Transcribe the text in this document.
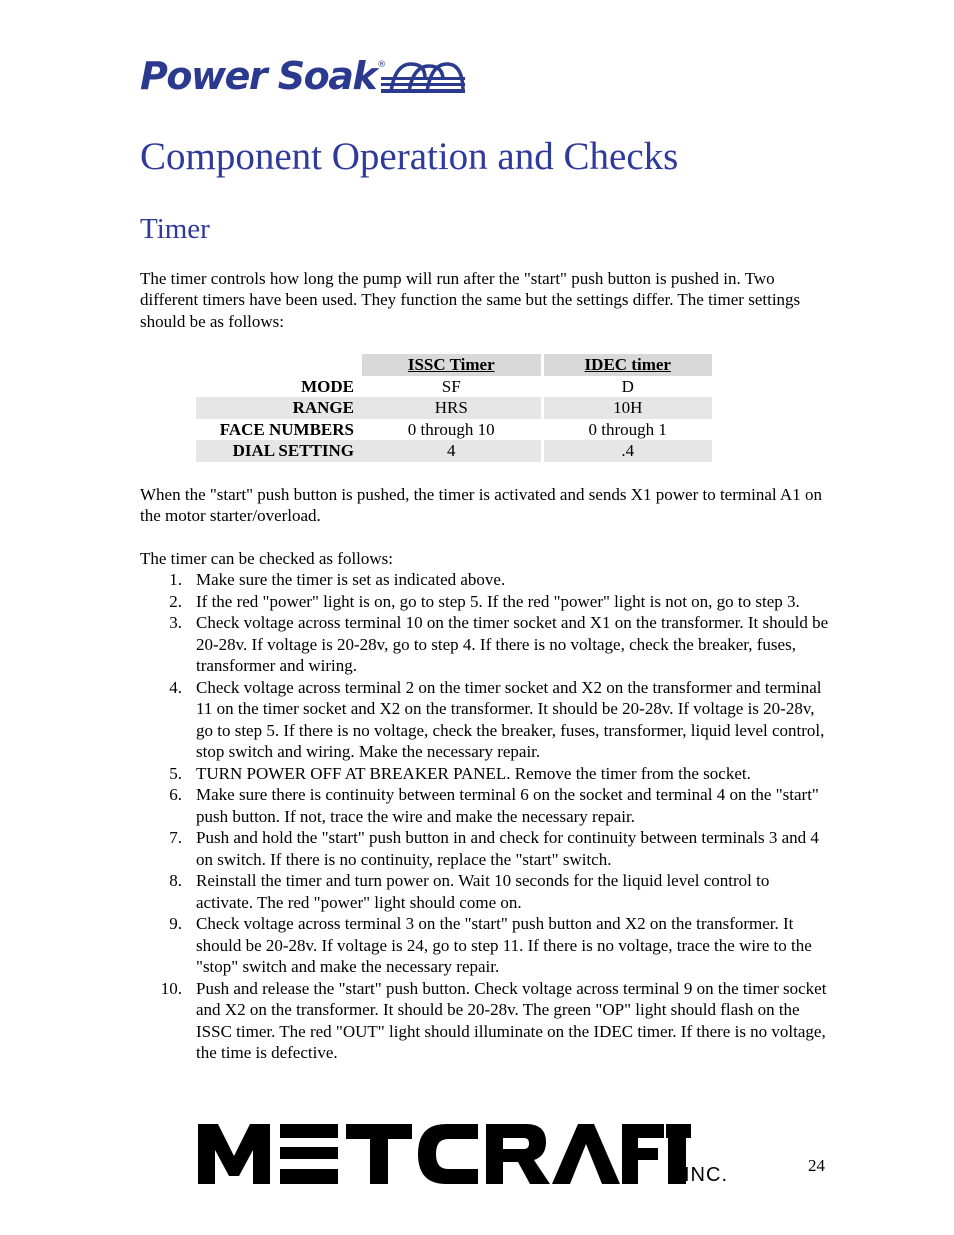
Power Soak ®
Component Operation and Checks
Timer

The timer controls how long the pump will run after the "start" push button is pushed in. Two different timers have been used. They function the same but the settings differ. The timer settings should be as follows:

	ISSC Timer	IDEC timer
MODE	SF	D
RANGE	HRS	10H
FACE NUMBERS	0 through 10	0 through 1
DIAL SETTING	4	.4

When the "start" push button is pushed, the timer is activated and sends X1 power to terminal A1 on the motor starter/overload.

The timer can be checked as follows:

1. Make sure the timer is set as indicated above.
2. If the red "power" light is on, go to step 5. If the red "power" light is not on, go to step 3.
3. Check voltage across terminal 10 on the timer socket and X1 on the transformer. It should be 20-28v. If voltage is 20-28v, go to step 4. If there is no voltage, check the breaker, fuses, transformer and wiring.
4. Check voltage across terminal 2 on the timer socket and X2 on the transformer and terminal 11 on the timer socket and X2 on the transformer. It should be 20-28v. If voltage is 20-28v, go to step 5. If there is no voltage, check the breaker, fuses, transformer, liquid level control, stop switch and wiring. Make the necessary repair.
5. TURN POWER OFF AT BREAKER PANEL. Remove the timer from the socket.
6. Make sure there is continuity between terminal 6 on the socket and terminal 4 on the "start" push button. If not, trace the wire and make the necessary repair.
7. Push and hold the "start" push button in and check for continuity between terminals 3 and 4 on switch. If there is no continuity, replace the "start" switch.
8. Reinstall the timer and turn power on. Wait 10 seconds for the liquid level control to activate. The red "power" light should come on.
9. Check voltage across terminal 3 on the "start" push button and X2 on the transformer. It should be 20-28v. If voltage is 24, go to step 11. If there is no voltage, trace the wire to the "stop" switch and make the necessary repair.
10. Push and release the "start" push button. Check voltage across terminal 9 on the timer socket and X2 on the transformer. It should be 20-28v. The green "OP" light should flash on the ISSC timer. The red "OUT" light should illuminate on the IDEC timer. If there is no voltage, the time is defective.
INC.	24
